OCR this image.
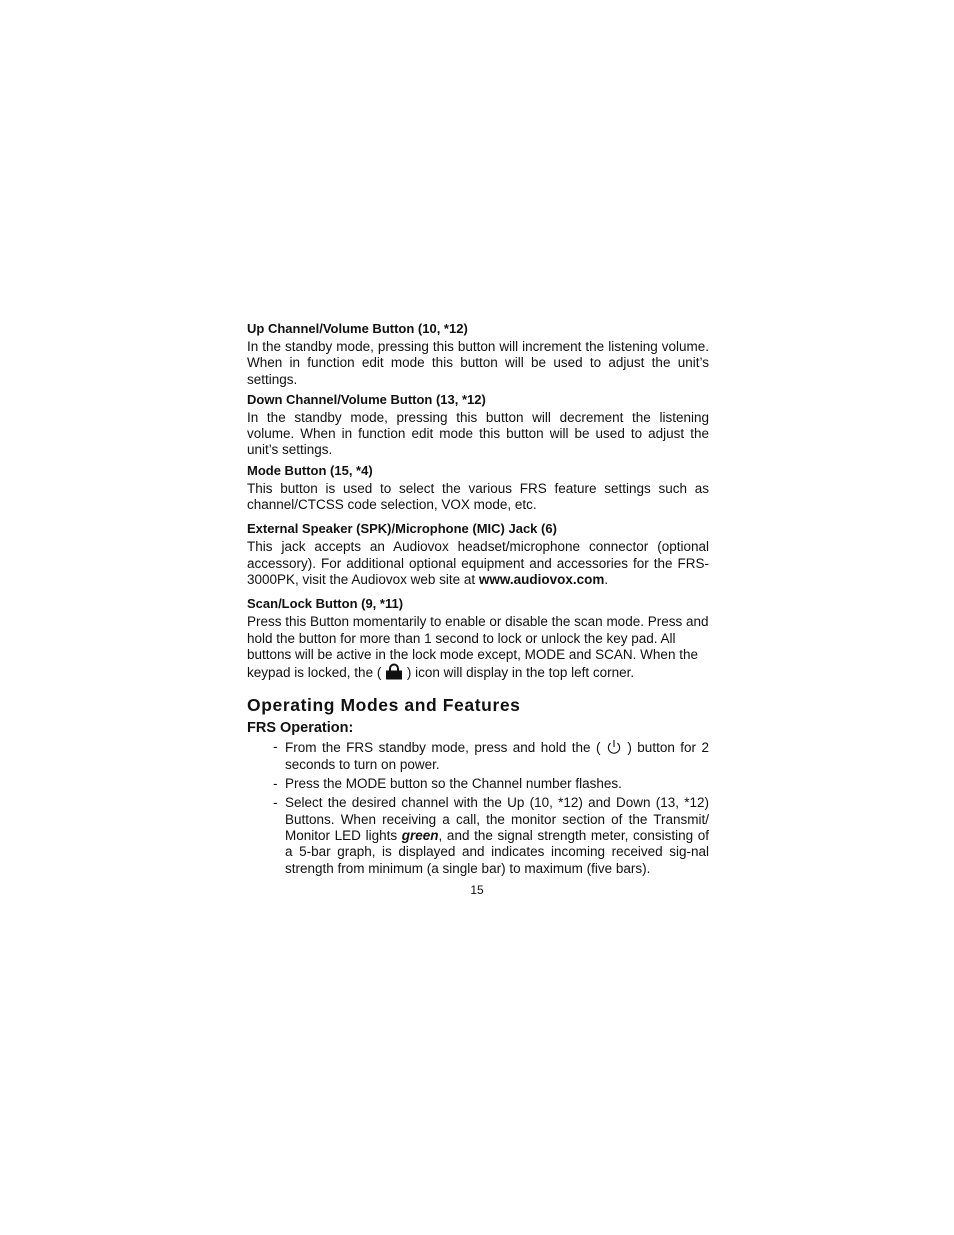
Up Channel/Volume Button (10, *12)

In the standby mode, pressing this button will increment the listening volume. When in function edit mode this button will be used to adjust the unit’s settings.

Down Channel/Volume Button (13, *12)

In the standby mode, pressing this button will decrement the listening volume. When in function edit mode this button will be used to adjust the unit’s settings.

Mode Button (15, *4)

This button is used to select the various FRS feature settings such as channel/CTCSS code selection, VOX mode, etc.

External Speaker (SPK)/Microphone (MIC) Jack (6)

This jack accepts an Audiovox headset/microphone connector (optional accessory). For additional optional equipment and accessories for the FRS-3000PK, visit the Audiovox web site at www.audiovox.com.

Scan/Lock Button (9, *11)

Press this Button momentarily to enable or disable the scan mode. Press and hold the button for more than 1 second to lock or unlock the key pad. All buttons will be active in the lock mode except, MODE and SCAN. When the keypad is locked, the (  ) icon will display in the top left corner.

Operating Modes and Features
FRS Operation:
- From the FRS standby mode, press and hold the (  ) button for 2 seconds to turn on power.
- Press the MODE button so the Channel number flashes.
- Select the desired channel with the Up (10, *12) and Down (13, *12) Buttons. When receiving a call, the monitor section of the Transmit/ Monitor LED lights green, and the signal strength meter, consisting of a 5-bar graph, is displayed and indicates incoming received sig-nal strength from minimum (a single bar) to maximum (five bars).
15
